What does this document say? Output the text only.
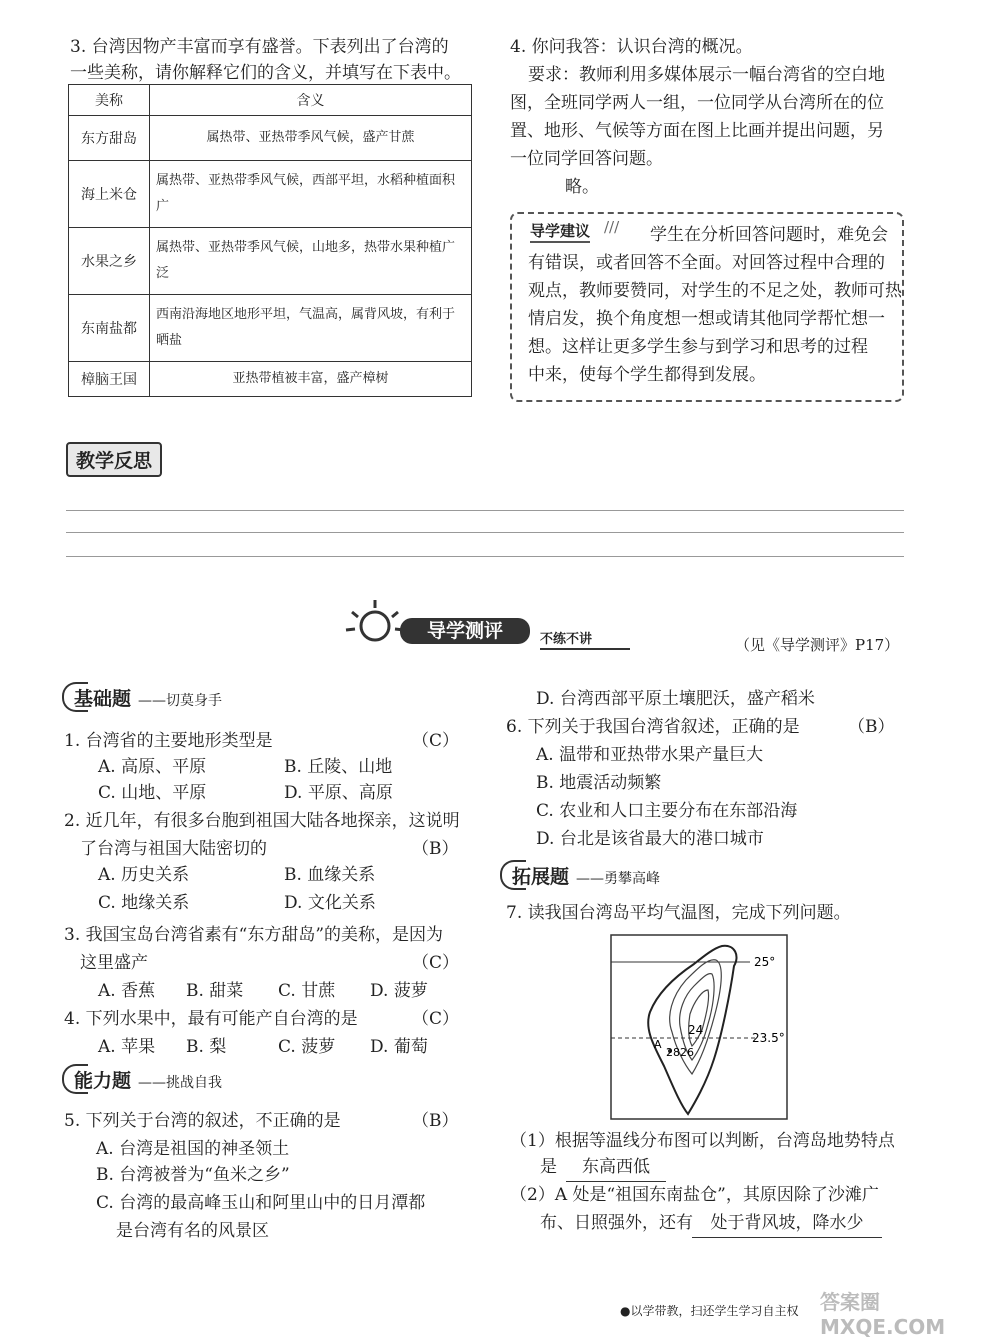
3. 台湾因物产丰富而享有盛誉。下表列出了台湾的
一些美称，请你解释它们的含义，并填写在下表中。
美称	含义
东方甜岛	属热带、亚热带季风气候，盛产甘蔗
海上米仓	属热带、亚热带季风气候，西部平坦，水稻种植面积广
水果之乡	属热带、亚热带季风气候，山地多，热带水果种植广泛
东南盐都	西南沿海地区地形平坦，气温高，属背风坡，有利于晒盐
樟脑王国	亚热带植被丰富，盛产樟树
4. 你问我答：认识台湾的概况。
要求：教师利用多媒体展示一幅台湾省的空白地
图，全班同学两人一组，一位同学从台湾所在的位
置、地形、气候等方面在图上比画并提出问题，另
一位同学回答问题。
略。
导学建议 /// 学生在分析回答问题时，难免会
有错误，或者回答不全面。对回答过程中合理的
观点，教师要赞同，对学生的不足之处，教师可热
情启发，换个角度想一想或请其他同学帮忙想一
想。这样让更多学生参与到学习和思考的过程
中来，使每个学生都得到发展。
教学反思
导学测评	不练不讲	（见《导学测评》P17）
基础题 ——切莫身手
1. 台湾省的主要地形类型是	（C）
A. 高原、平原	B. 丘陵、山地
C. 山地、平原	D. 平原、高原
2. 近几年，有很多台胞到祖国大陆各地探亲，这说明
了台湾与祖国大陆密切的	（B）
A. 历史关系	B. 血缘关系
C. 地缘关系	D. 文化关系
3. 我国宝岛台湾省素有“东方甜岛”的美称，是因为
这里盛产	（C）
A. 香蕉 B. 甜菜 C. 甘蔗 D. 菠萝
4. 下列水果中，最有可能产自台湾的是	（C）
A. 苹果 B. 梨	C. 菠萝 D. 葡萄
能力题 ——挑战自我
5. 下列关于台湾的叙述，不正确的是	（B）
A. 台湾是祖国的神圣领土
B. 台湾被誉为“鱼米之乡”
C. 台湾的最高峰玉山和阿里山中的日月潭都
是台湾有名的风景区
D. 台湾西部平原土壤肥沃，盛产稻米
6. 下列关于我国台湾省叙述，正确的是	（B）
A. 温带和亚热带水果产量巨大
B. 地震活动频繁
C. 农业和人口主要分布在东部沿海
D. 台北是该省最大的港口城市
拓展题 ——勇攀高峰
7. 读我国台湾岛平均气温图，完成下列问题。
25°
23.5°
24
2826
A
（1）根据等温线分布图可以判断，台湾岛地势特点
是	东高西低
（2）A 处是“祖国东南盐仓”，其原因除了沙滩广
布、日照强外，还有	处于背风坡，降水少
●以学带教，扫还学生学习自主权 答案圈
MXQE.COM
